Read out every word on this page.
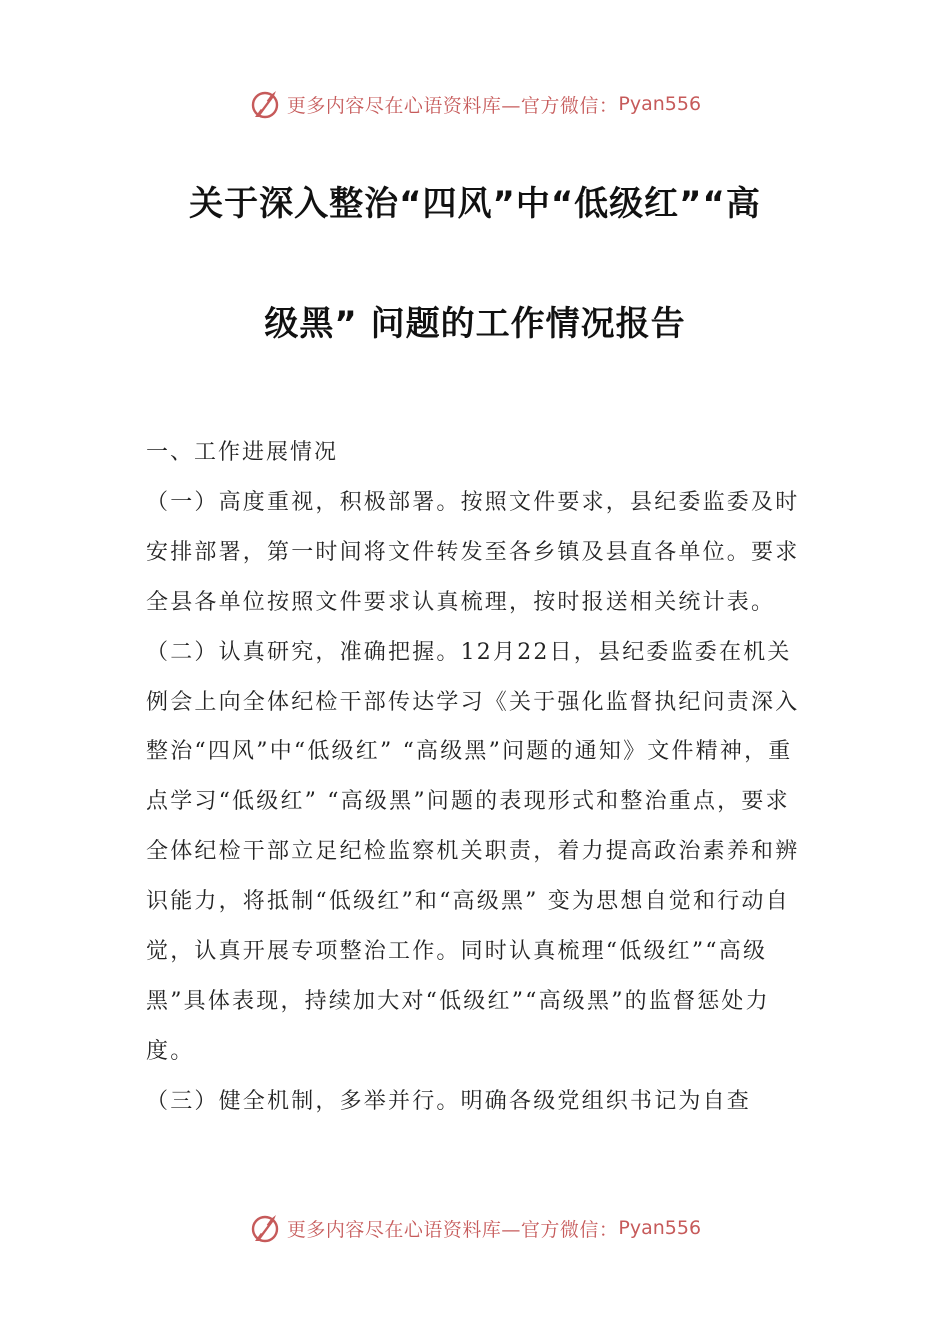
更多内容尽在心语资料库—官方微信： Pyan556
关于深入整治“四风”中“低级红”“高
级黑” 问题的工作情况报告

一、工作进展情况

（一）高度重视，积极部署。按照文件要求，县纪委监委及时安排部署，第一时间将文件转发至各乡镇及县直各单位。要求全县各单位按照文件要求认真梳理，按时报送相关统计表。

（二）认真研究，准确把握。12月22日，县纪委监委在机关例会上向全体纪检干部传达学习《关于强化监督执纪问责深入整治“四风”中“低级红” “高级黑”问题的通知》文件精神，重点学习“低级红” “高级黑”问题的表现形式和整治重点，要求全体纪检干部立足纪检监察机关职责，着力提高政治素养和辨识能力，将抵制“低级红”和“高级黑” 变为思想自觉和行动自觉，认真开展专项整治工作。同时认真梳理“低级红”“高级黑”具体表现，持续加大对“低级红”“高级黑”的监督惩处力度。

（三）健全机制，多举并行。明确各级党组织书记为自查

更多内容尽在心语资料库—官方微信： Pyan556
